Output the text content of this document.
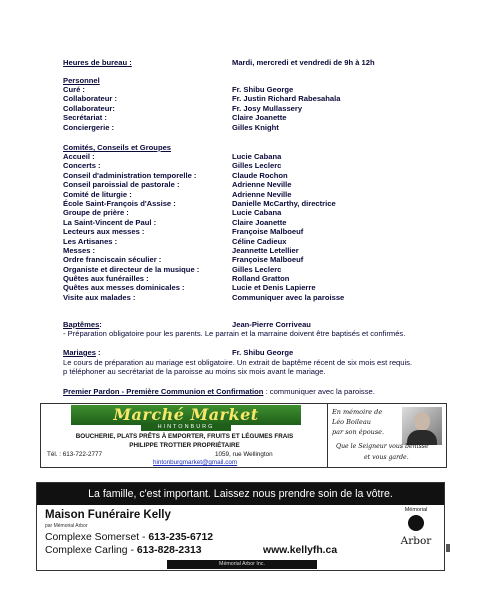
Heures de bureau :	Mardi, mercredi et vendredi de 9h à 12h
Personnel
Curé :	Fr. Shibu George
Collaborateur :	Fr. Justin Richard Rabesahala
Collaborateur:	Fr. Josy Mullassery
Secrétariat :	Claire Joanette
Conciergerie :	Gilles Knight
Comités, Conseils et Groupes
Accueil :	Lucie Cabana
Concerts :	Gilles Leclerc
Conseil d'administration temporelle :	Claude Rochon
Conseil paroissial de pastorale :	Adrienne Neville
Comité de liturgie :	Adrienne Neville
École Saint-François d'Assise :	Danielle McCarthy, directrice
Groupe de prière :	Lucie Cabana
La Saint-Vincent de Paul :	Claire Joanette
Lecteurs aux messes :	Françoise Malboeuf
Les Artisanes :	Céline Cadieux
Messes :	Jeannette Letellier
Ordre franciscain séculier :	Françoise Malboeuf
Organiste et directeur de la musique :	Gilles Leclerc
Quêtes aux funérailles :	Rolland Gratton
Quêtes aux messes dominicales :	Lucie et Denis Lapierre
Visite aux malades :	Communiquer avec la paroisse
Baptêmes:	Jean-Pierre Corriveau
- Préparation obligatoire pour les parents. Le parrain et la marraine doivent être baptisés et confirmés.
Mariages :	Fr. Shibu George
Le cours de préparation au mariage est obligatoire. Un extrait de baptême récent de six mois est requis.
p téléphoner au secrétariat de la paroisse au moins six mois avant le mariage.
Premier Pardon - Première Communion et Confirmation : communiquer avec la paroisse.
Marché Market
HINTONBURG
BOUCHERIE, PLATS PRÊTS À EMPORTER, FRUITS ET LÉGUMES FRAIS
PHILIPPE TROTTIER PROPRIÉTAIRE
Tél. : 613-722-2777	1059, rue Wellington
hintonburgmarket@gmail.com
En mémoire de
Léo Boileau
par son épouse.
Que le Seigneur vous bénisse
et vous garde.
La famille, c'est important. Laissez nous prendre soin de la vôtre.
Maison Funéraire Kelly
par Mémorial Arbor
Complexe Somerset - 613-235-6712
Complexe Carling - 613-828-2313	www.kellyfh.ca
Mémorial
Arbor
Mémorial Arbor Inc.
